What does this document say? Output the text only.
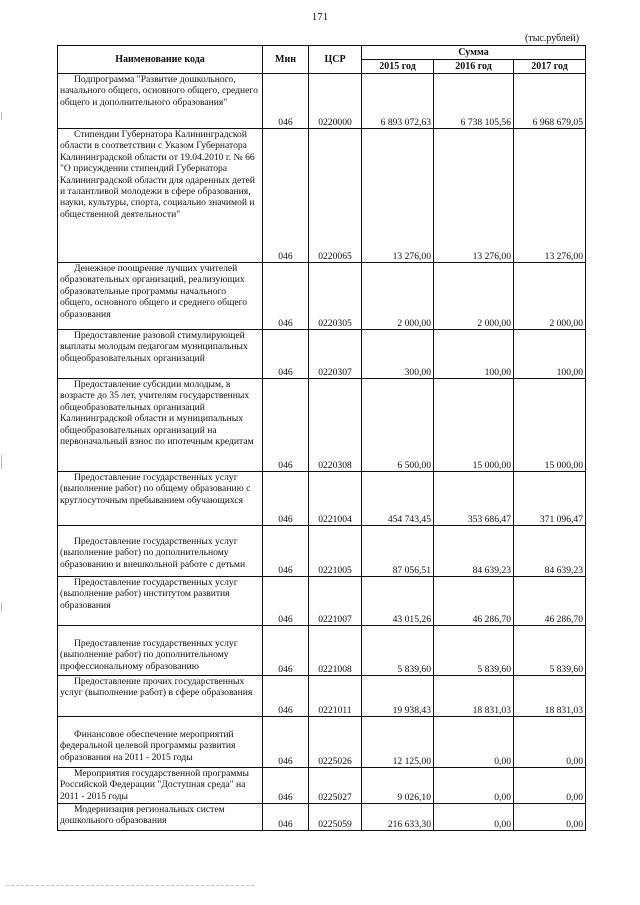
171
(тыс.рублей)
Наименование кода	Мин	ЦСР	Сумма		
			2015 год	2016 год	2017 год

Подпрограмма "Развитие дошкольного, начального общего, основного общего, среднего общего и дополнительного образования"	046	0220000	6 893 072,63	6 738 105,56	6 968 679,05

Стипендии Губернатора Калининградской области в соответствии с Указом Губернатора Калининградской области от 19.04.2010 г. № 66 "О присуждении стипендий Губернатора Калининградской области для одаренных детей и талантливой молодежи в сфере образования, науки, культуры, спорта, социально значимой и общественной деятельности"	046	0220065	13 276,00	13 276,00	13 276,00

Денежное поощрение лучших учителей образовательных организаций, реализующих образовательные программы начального общего, основного общего и среднего общего образования	046	0220305	2 000,00	2 000,00	2 000,00

Предоставление разовой стимулирующей выплаты молодым педагогам муниципальных общеобразовательных организаций	046	0220307	300,00	100,00	100,00

Предоставление субсидии молодым, в возрасте до 35 лет, учителям государственных общеобразовательных организаций Калининградской области и муниципальных общеобразовательных организаций на первоначальный взнос по ипотечным кредитам	046	0220308	6 500,00	15 000,00	15 000,00

Предоставление государственных услуг (выполнение работ) по общему образованию с круглосуточным пребыванием обучающихся	046	0221004	454 743,45	353 686,47	371 096,47

Предоставление государственных услуг (выполнение работ) по дополнительному образованию и внешкольной работе с детьми	046	0221005	87 056,51	84 639,23	84 639,23

Предоставление государственных услуг (выполнение работ) институтом развития образования	046	0221007	43 015,26	46 286,70	46 286,70

Предоставление государственных услуг (выполнение работ) по дополнительному профессиональному образованию	046	0221008	5 839,60	5 839,60	5 839,60

Предоставление прочих государственных услуг (выполнение работ) в сфере образования	046	0221011	19 938,43	18 831,03	18 831,03

Финансовое обеспечение мероприятий федеральной целевой программы развития образования на 2011 - 2015 годы	046	0225026	12 125,00	0,00	0,00

Мероприятия государственной программы Российской Федерации "Доступная среда" на 2011 - 2015 годы	046	0225027	9 026,10	0,00	0,00

Модернизация региональных систем дошкольного образования	046	0225059	216 633,30	0,00	0,00
